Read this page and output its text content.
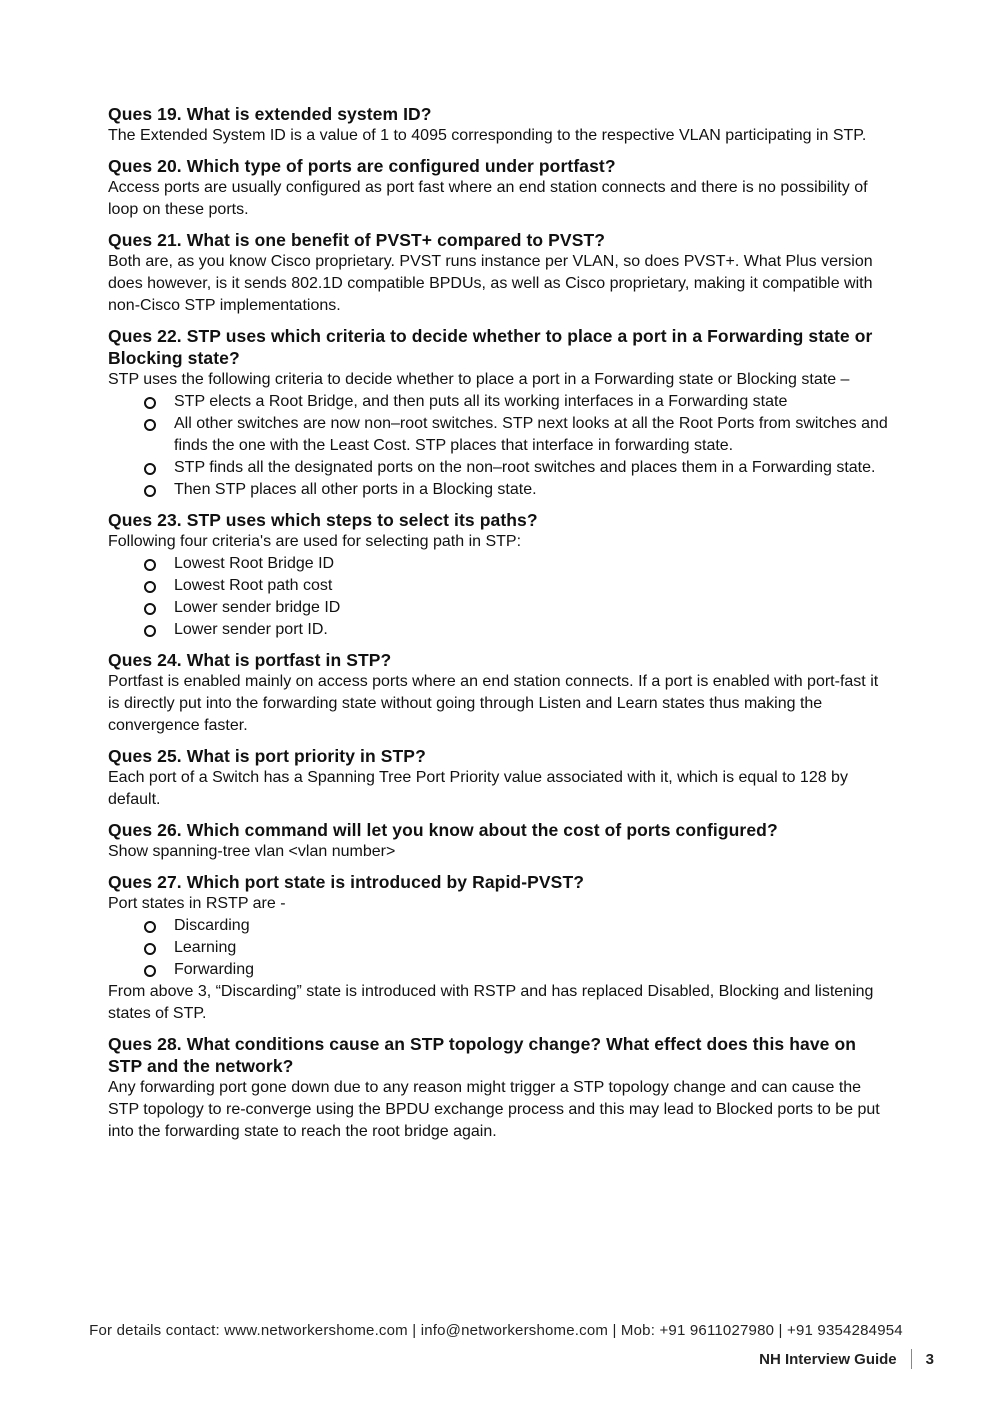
Ques 19. What is extended system ID?

The Extended System ID is a value of 1 to 4095 corresponding to the respective VLAN participating in STP.

Ques 20. Which type of ports are configured under portfast?

Access ports are usually configured as port fast where an end station connects and there is no possibility of loop on these ports.

Ques 21. What is one benefit of PVST+ compared to PVST?

Both are, as you know Cisco proprietary. PVST runs instance per VLAN, so does PVST+. What Plus version does however, is it sends 802.1D compatible BPDUs, as well as Cisco proprietary, making it compatible with non-Cisco STP implementations.

Ques 22. STP uses which criteria to decide whether to place a port in a Forwarding state or Blocking state?

STP uses the following criteria to decide whether to place a port in a Forwarding state or Blocking state –

STP elects a Root Bridge, and then puts all its working interfaces in a Forwarding state
All other switches are now non–root switches. STP next looks at all the Root Ports from switches and finds the one with the Least Cost. STP places that interface in forwarding state.
STP finds all the designated ports on the non–root switches and places them in a Forwarding state.
Then STP places all other ports in a Blocking state.

Ques 23. STP uses which steps to select its paths?

Following four criteria's are used for selecting path in STP:

Lowest Root Bridge ID
Lowest Root path cost
Lower sender bridge ID
Lower sender port ID.

Ques 24. What is portfast in STP?

Portfast is enabled mainly on access ports where an end station connects. If a port is enabled with port-fast it is directly put into the forwarding state without going through Listen and Learn states thus making the convergence faster.

Ques 25. What is port priority in STP?

Each port of a Switch has a Spanning Tree Port Priority value associated with it, which is equal to 128 by default.

Ques 26. Which command will let you know about the cost of ports configured?

Show spanning-tree vlan <vlan number>

Ques 27. Which port state is introduced by Rapid-PVST?

Port states in RSTP are -

Discarding
Learning
Forwarding

From above 3, “Discarding” state is introduced with RSTP and has replaced Disabled, Blocking and listening states of STP.

Ques 28. What conditions cause an STP topology change? What effect does this have on STP and the network?

Any forwarding port gone down due to any reason might trigger a STP topology change and can cause the STP topology to re-converge using the BPDU exchange process and this may lead to Blocked ports to be put into the forwarding state to reach the root bridge again.

For details contact: www.networkershome.com | info@networkershome.com | Mob: +91 9611027980 | +91 9354284954
NH Interview Guide 3
